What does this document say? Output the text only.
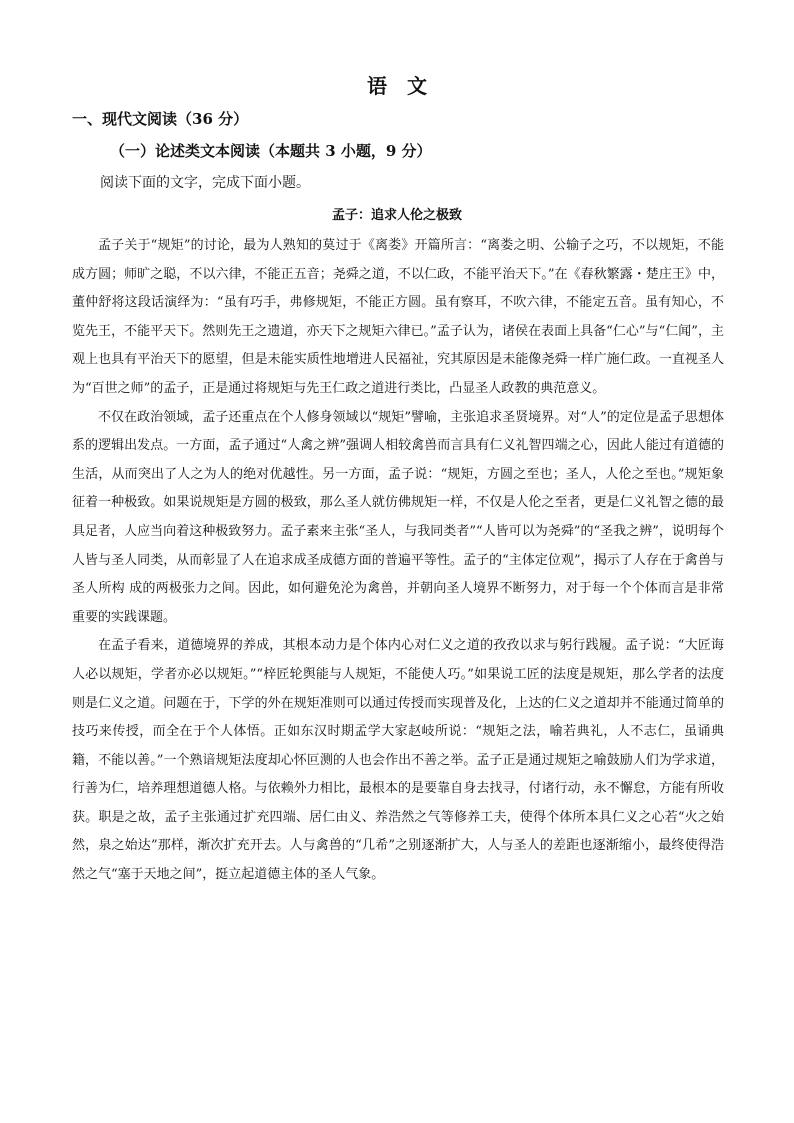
语　文
一、现代文阅读（36 分）
（一）论述类文本阅读（本题共 3 小题，9 分）
阅读下面的文字，完成下面小题。
孟子：追求人伦之极致

孟子关于“规矩”的讨论，最为人熟知的莫过于《离娄》开篇所言：“离娄之明、公输子之巧，不以规矩，不能成方圆；师旷之聪，不以六律，不能正五音；尧舜之道，不以仁政，不能平治天下。”在《春秋繁露・楚庄王》中，董仲舒将这段话演绎为：“虽有巧手，弗修规矩，不能正方圆。虽有察耳，不吹六律，不能定五音。虽有知心，不览先王，不能平天下。然则先王之遗道，亦天下之规矩六律已。”孟子认为，诸侯在表面上具备“仁心”与“仁闻”，主观上也具有平治天下的愿望，但是未能实质性地增进人民福祉，究其原因是未能像尧舜一样广施仁政。一直视圣人为“百世之师”的孟子，正是通过将规矩与先王仁政之道进行类比，凸显圣人政教的典范意义。

不仅在政治领域，孟子还重点在个人修身领域以“规矩”譬喻，主张追求圣贤境界。对“人”的定位是孟子思想体系的逻辑出发点。一方面，孟子通过“人禽之辨”强调人相较禽兽而言具有仁义礼智四端之心，因此人能过有道德的生活，从而突出了人之为人的绝对优越性。另一方面，孟子说：“规矩，方圆之至也；圣人，人伦之至也。”规矩象征着一种极致。如果说规矩是方圆的极致，那么圣人就仿佛规矩一样，不仅是人伦之至者，更是仁义礼智之德的最具足者，人应当向着这种极致努力。孟子素来主张“圣人，与我同类者”“人皆可以为尧舜”的“圣我之辨”，说明每个人皆与圣人同类，从而彰显了人在追求成圣成德方面的普遍平等性。孟子的“主体定位观”，揭示了人存在于禽兽与圣人所构 成的两极张力之间。因此，如何避免沦为禽兽，并朝向圣人境界不断努力，对于每一个个体而言是非常重要的实践课题。

在孟子看来，道德境界的养成，其根本动力是个体内心对仁义之道的孜孜以求与躬行践履。孟子说：“大匠诲人必以规矩，学者亦必以规矩。”“梓匠轮舆能与人规矩，不能使人巧。”如果说工匠的法度是规矩，那么学者的法度则是仁义之道。问题在于，下学的外在规矩准则可以通过传授而实现普及化，上达的仁义之道却并不能通过简单的技巧来传授，而全在于个人体悟。正如东汉时期孟学大家赵岐所说：“规矩之法，喻若典礼，人不志仁，虽诵典籍，不能以善。”一个熟谙规矩法度却心怀叵测的人也会作出不善之举。孟子正是通过规矩之喻鼓励人们为学求道，行善为仁，培养理想道德人格。与依赖外力相比，最根本的是要靠自身去找寻，付诸行动，永不懈怠，方能有所收获。职是之故，孟子主张通过扩充四端、居仁由义、养浩然之气等修养工夫，使得个体所本具仁义之心若“火之始然，泉之始达”那样，渐次扩充开去。人与禽兽的“几希”之别逐渐扩大，人与圣人的差距也逐渐缩小，最终使得浩然之气“塞于天地之间”，挺立起道德主体的圣人气象。
